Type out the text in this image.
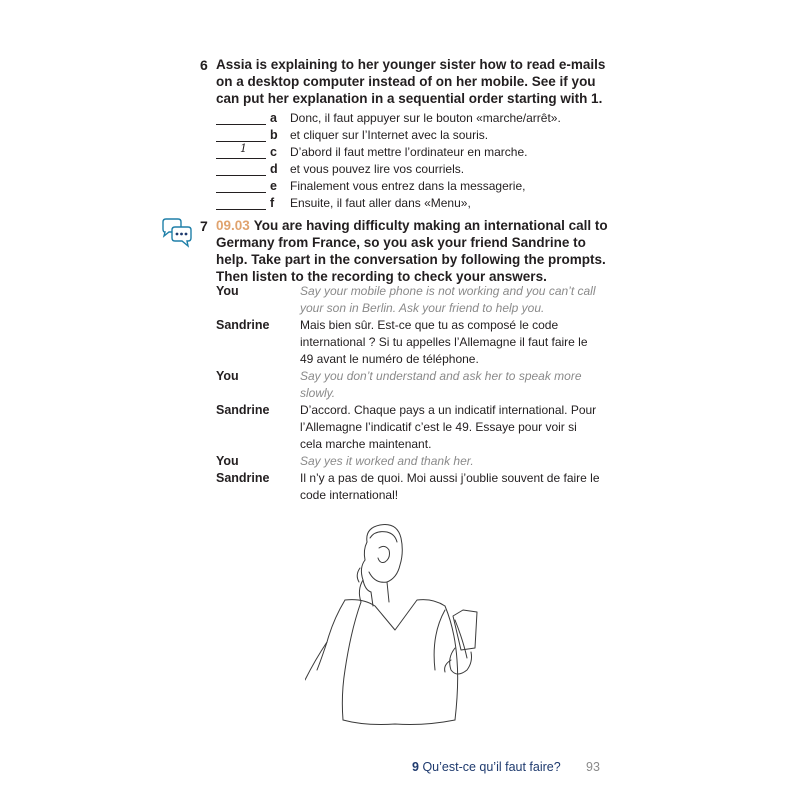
6 Assia is explaining to her younger sister how to read e-mails on a desktop computer instead of on her mobile. See if you can put her explanation in a sequential order starting with 1.
a	Donc, il faut appuyer sur le bouton «marche/arrêt».
b	et cliquer sur l’Internet avec la souris.
1 c	D’abord il faut mettre l’ordinateur en marche.
d	et vous pouvez lire vos courriels.
e	Finalement vous entrez dans la messagerie,
f	Ensuite, il faut aller dans «Menu»,
7 09.03 You are having difficulty making an international call to Germany from France, so you ask your friend Sandrine to help. Take part in the conversation by following the prompts. Then listen to the recording to check your answers.
You	Say your mobile phone is not working and you can’t call your son in Berlin. Ask your friend to help you.
Sandrine	Mais bien sûr. Est-ce que tu as composé le code international ? Si tu appelles l’Allemagne il faut faire le 49 avant le numéro de téléphone.
You	Say you don’t understand and ask her to speak more slowly.
Sandrine	D’accord. Chaque pays a un indicatif international. Pour l’Allemagne l’indicatif c’est le 49. Essaye pour voir si cela marche maintenant.
You	Say yes it worked and thank her.
Sandrine	Il n’y a pas de quoi. Moi aussi j’oublie souvent de faire le code international!
9 Qu’est-ce qu’il faut faire? 93
